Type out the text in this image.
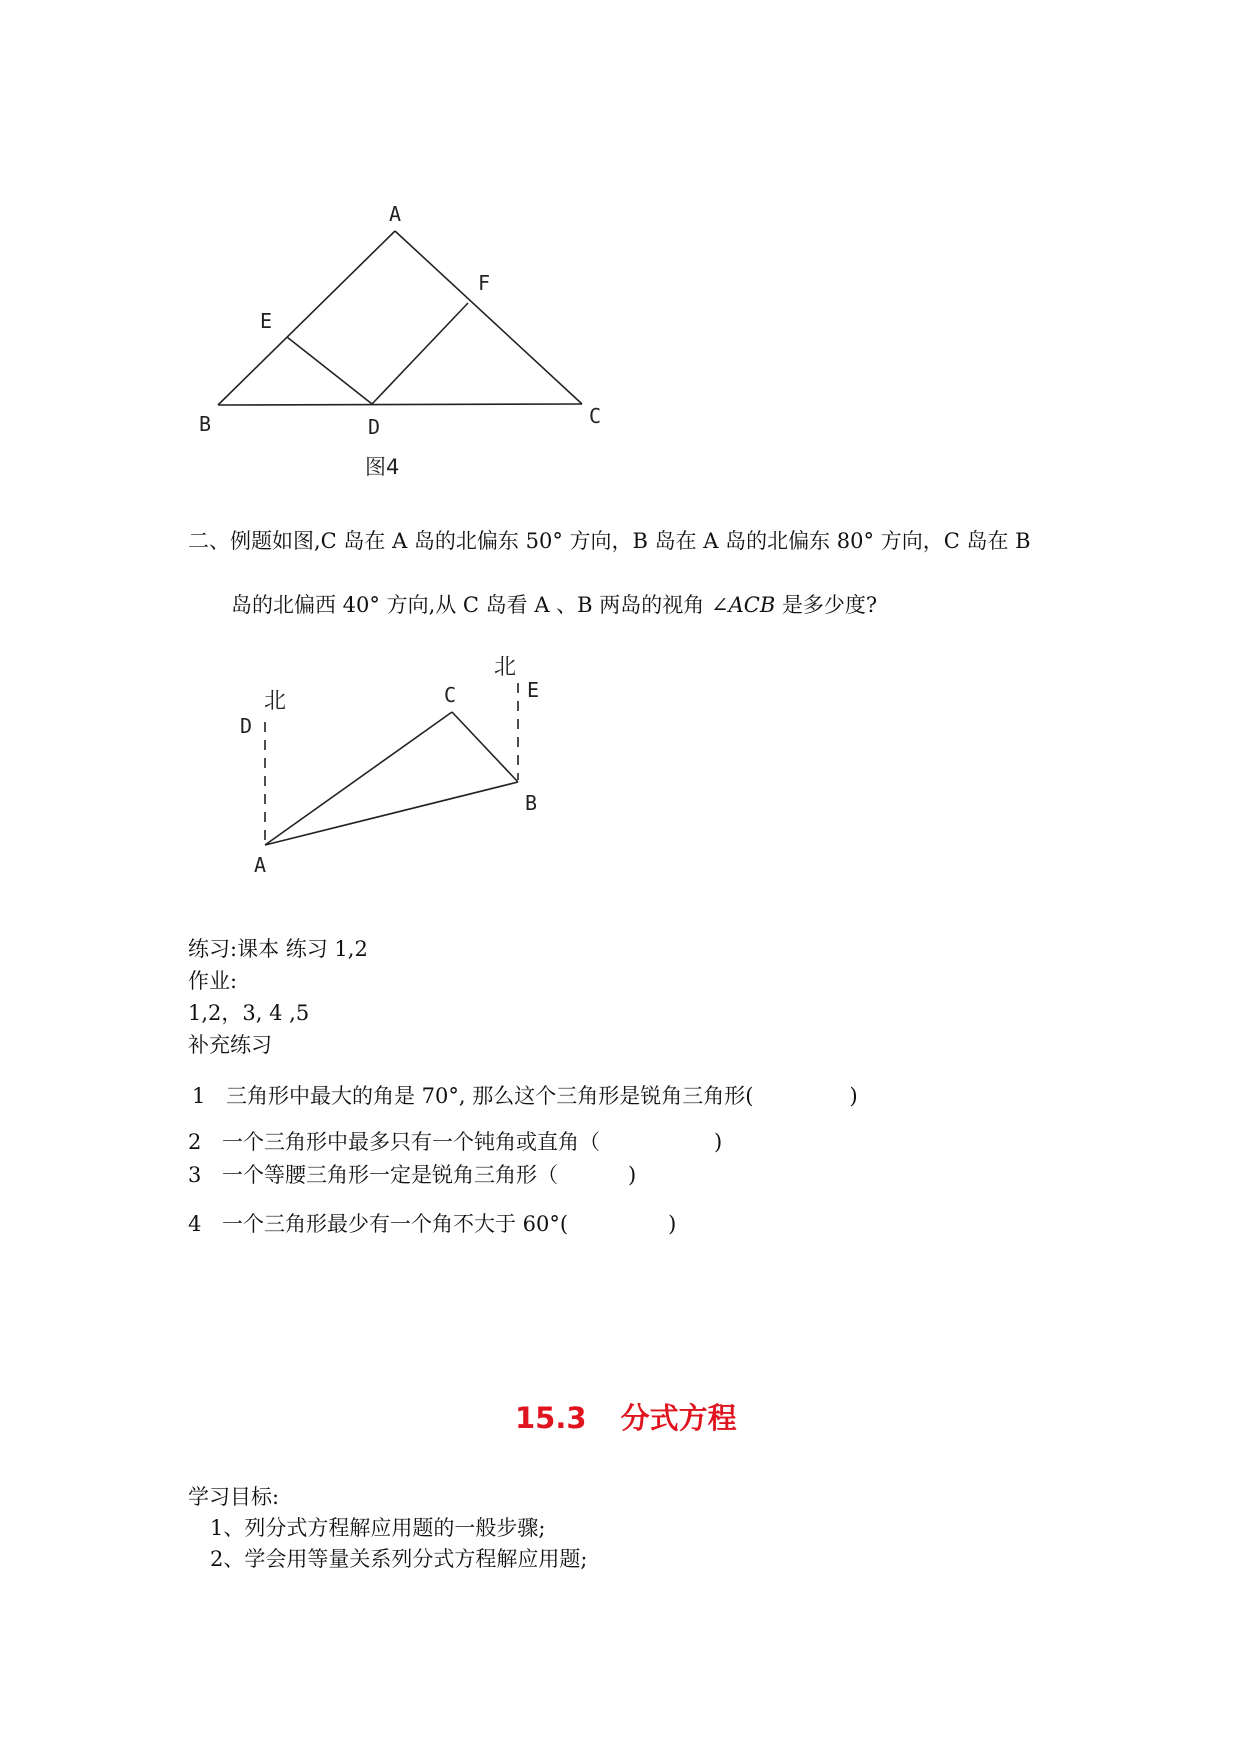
A
F
E
B	D	C
图4
二、例题如图,C 岛在 A 岛的北偏东 50° 方向，B 岛在 A 岛的北偏东 80° 方向，C 岛在 B
岛的北偏西 40° 方向,从 C 岛看 A 、B 两岛的视角 ∠ACB 是多少度?
北
北
D
E
C
B
A
练习:课本 练习 1,2
作业:
1,2，3, 4 ,5
补充练习
1 三角形中最大的角是 70°, 那么这个三角形是锐角三角形(	)
2 一个三角形中最多只有一个钝角或直角（	)
3 一个等腰三角形一定是锐角三角形（	)
4 一个三角形最少有一个角不大于 60°(	)
15.3 分式方程
学习目标:
1、列分式方程解应用题的一般步骤;
2、学会用等量关系列分式方程解应用题;
